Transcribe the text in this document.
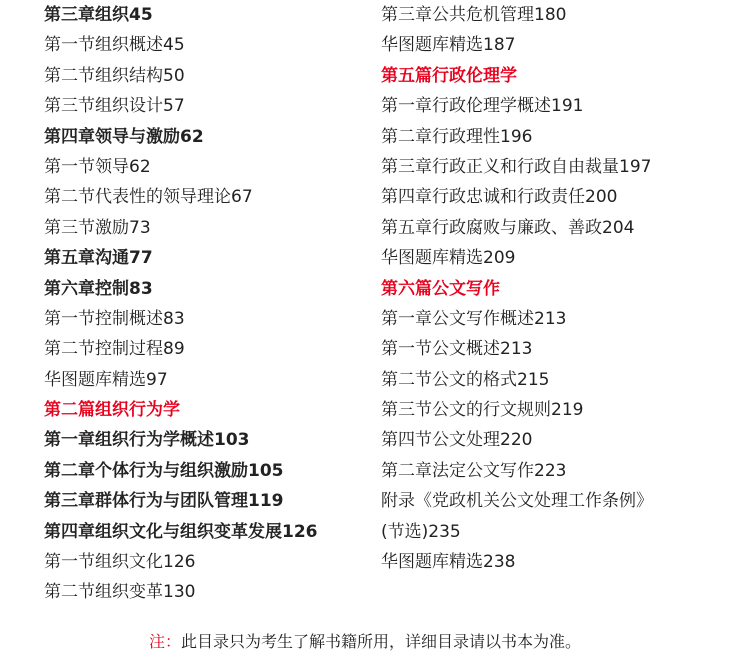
第三章组织45
第一节组织概述45
第二节组织结构50
第三节组织设计57
第四章领导与激励62
第一节领导62
第二节代表性的领导理论67
第三节激励73
第五章沟通77
第六章控制83
第一节控制概述83
第二节控制过程89
华图题库精选97
第二篇组织行为学
第一章组织行为学概述103
第二章个体行为与组织激励105
第三章群体行为与团队管理119
第四章组织文化与组织变革发展126
第一节组织文化126
第二节组织变革130
第三章公共危机管理180
华图题库精选187
第五篇行政伦理学
第一章行政伦理学概述191
第二章行政理性196
第三章行政正义和行政自由裁量197
第四章行政忠诚和行政责任200
第五章行政腐败与廉政、善政204
华图题库精选209
第六篇公文写作
第一章公文写作概述213
第一节公文概述213
第二节公文的格式215
第三节公文的行文规则219
第四节公文处理220
第二章法定公文写作223
附录《党政机关公文处理工作条例》
(节选)235
华图题库精选238
注：此目录只为考生了解书籍所用，详细目录请以书本为准。
